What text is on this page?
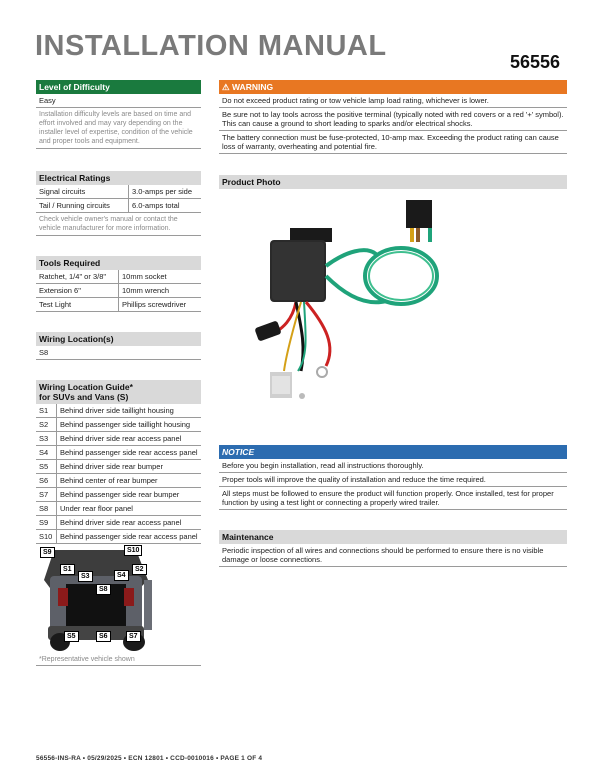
INSTALLATION MANUAL	56556
Level of Difficulty
Easy
Installation difficulty levels are based on time and effort involved and may vary depending on the installer level of expertise, condition of the vehicle and proper tools and equipment.
Electrical Ratings
Signal circuits	3.0-amps per side
Tail / Running circuits	6.0-amps total
Check vehicle owner's manual or contact the vehicle manufacturer for more information.
Tools Required
Ratchet, 1/4" or 3/8"	10mm socket
Extension 6"	10mm wrench
Test Light	Phillips screwdriver
Wiring Location(s)
S8
Wiring Location Guide*
for SUVs and Vans (S)
S1	Behind driver side taillight housing
S2	Behind passenger side taillight housing
S3	Behind driver side rear access panel
S4	Behind passenger side rear access panel
S5	Behind driver side rear bumper
S6	Behind center of rear bumper
S7	Behind passenger side rear bumper
S8	Under rear floor panel
S9	Behind driver side rear access panel
S10	Behind passenger side rear access panel
S9	S10
S1	S2
S3	S4
S8
S5	S6	S7
*Representative vehicle shown
⚠ WARNING
Do not exceed product rating or tow vehicle lamp load rating, whichever is lower.
Be sure not to lay tools across the positive terminal (typically noted with red covers or a red '+' symbol). This can cause a ground to short leading to sparks and/or electrical shocks.
The battery connection must be fuse-protected, 10-amp max. Exceeding the product rating can cause loss of warranty, overheating and potential fire.
Product Photo
NOTICE
Before you begin installation, read all instructions thoroughly.
Proper tools will improve the quality of installation and reduce the time required.
All steps must be followed to ensure the product will function properly. Once installed, test for proper function by using a test light or connecting a properly wired trailer.
Maintenance
Periodic inspection of all wires and connections should be performed to ensure there is no visible damage or loose connections.
56556-INS-RA • 05/29/2025 • ECN 12801 • CCD-0010016 • PAGE 1 OF 4
